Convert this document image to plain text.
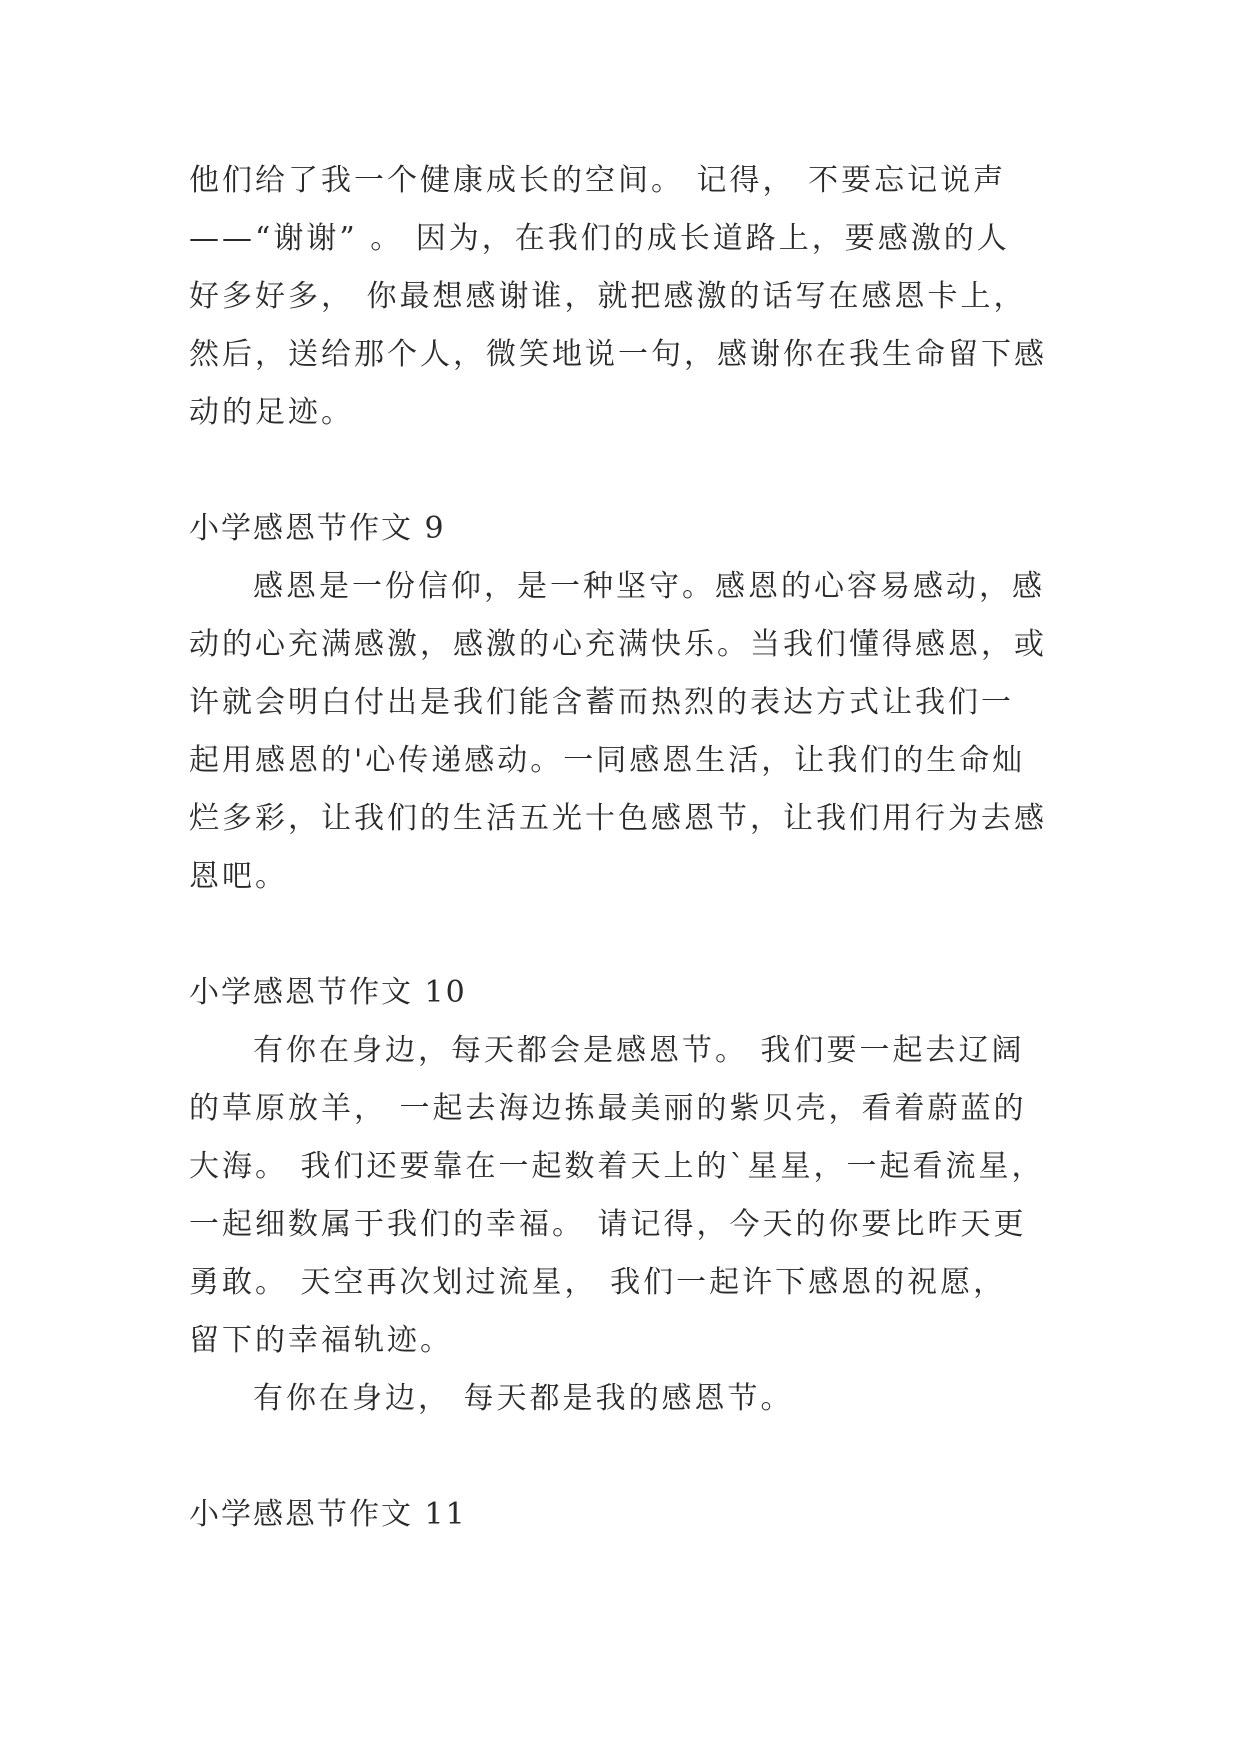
他们给了我一个健康成长的空间。 记得， 不要忘记说声
——“谢谢” 。 因为，在我们的成长道路上，要感激的人
好多好多， 你最想感谢谁，就把感激的话写在感恩卡上，
然后，送给那个人，微笑地说一句，感谢你在我生命留下感
动的足迹。
小学感恩节作文 9
感恩是一份信仰，是一种坚守。感恩的心容易感动，感
动的心充满感激，感激的心充满快乐。当我们懂得感恩，或
许就会明白付出是我们能含蓄而热烈的表达方式让我们一
起用感恩的'心传递感动。一同感恩生活，让我们的生命灿
烂多彩，让我们的生活五光十色感恩节，让我们用行为去感
恩吧。
小学感恩节作文 10
有你在身边，每天都会是感恩节。 我们要一起去辽阔
的草原放羊， 一起去海边拣最美丽的紫贝壳，看着蔚蓝的
大海。 我们还要靠在一起数着天上的`星星，一起看流星，
一起细数属于我们的幸福。 请记得，今天的你要比昨天更
勇敢。 天空再次划过流星， 我们一起许下感恩的祝愿，
留下的幸福轨迹。
有你在身边， 每天都是我的感恩节。
小学感恩节作文 11
